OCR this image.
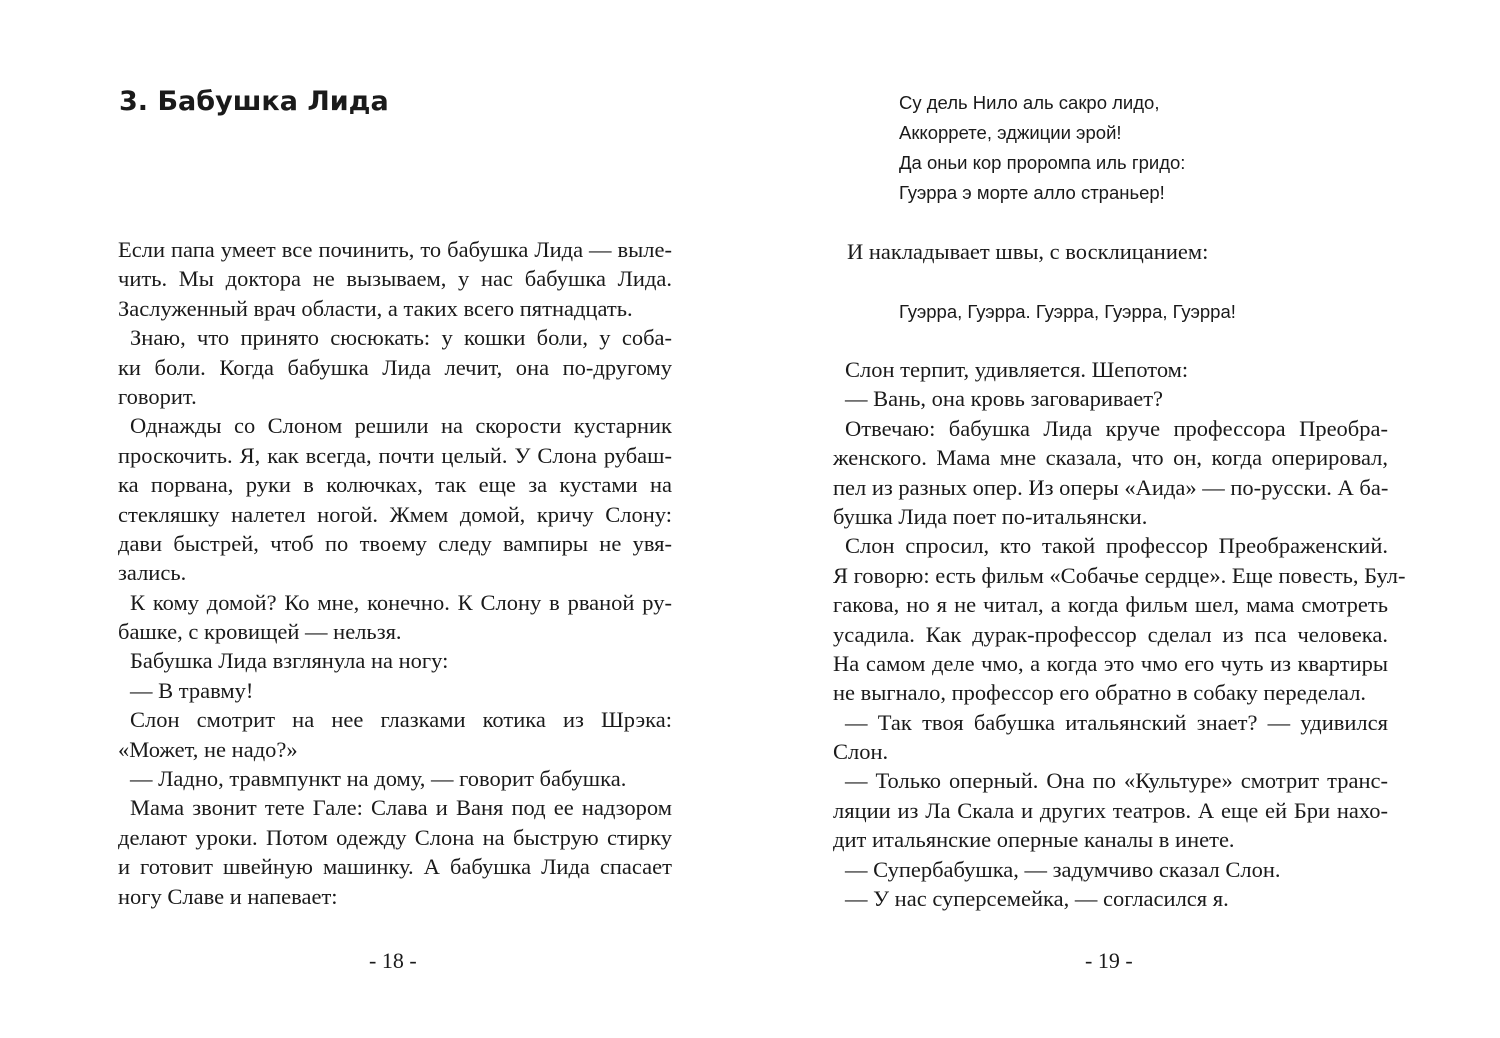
3. Бабушка Лида
Если папа умеет все починить, то бабушка Лида — выле-
чить. Мы доктора не вызываем, у нас бабушка Лида.
Заслуженный врач области, а таких всего пятнадцать.
Знаю, что принято сюсюкать: у кошки боли, у соба-
ки боли. Когда бабушка Лида лечит, она по-другому
говорит.
Однажды со Слоном решили на скорости кустарник
проскочить. Я, как всегда, почти целый. У Слона рубаш-
ка порвана, руки в колючках, так еще за кустами на
стекляшку налетел ногой. Жмем домой, кричу Слону:
дави быстрей, чтоб по твоему следу вампиры не увя-
зались.
К кому домой? Ко мне, конечно. К Слону в рваной ру-
башке, с кровищей — нельзя.
Бабушка Лида взглянула на ногу:
— В травму!
Слон смотрит на нее глазками котика из Шрэка:
«Может, не надо?»
— Ладно, травмпункт на дому, — говорит бабушка.
Мама звонит тете Гале: Слава и Ваня под ее надзором
делают уроки. Потом одежду Слона на быструю стирку
и готовит швейную машинку. А бабушка Лида спасает
ногу Славе и напевает:
- 18 -
Су дель Нило аль сакро лидо,
Аккоррете, эджиции эрой!
Да оньи кор проромпа иль гридо:
Гуэрра э морте алло страньер!
И накладывает швы, с восклицанием:
Гуэрра, Гуэрра. Гуэрра, Гуэрра, Гуэрра!
Слон терпит, удивляется. Шепотом:
— Вань, она кровь заговаривает?
Отвечаю: бабушка Лида круче профессора Преобра-
женского. Мама мне сказала, что он, когда оперировал,
пел из разных опер. Из оперы «Аида» — по-русски. А ба-
бушка Лида поет по-итальянски.
Слон спросил, кто такой профессор Преображенский.
Я говорю: есть фильм «Собачье сердце». Еще повесть, Бул-
гакова, но я не читал, а когда фильм шел, мама смотреть
усадила. Как дурак-профессор сделал из пса человека.
На самом деле чмо, а когда это чмо его чуть из квартиры
не выгнало, профессор его обратно в собаку переделал.
— Так твоя бабушка итальянский знает? — удивился
Слон.
— Только оперный. Она по «Культуре» смотрит транс-
ляции из Ла Скала и других театров. А еще ей Бри нахо-
дит итальянские оперные каналы в инете.
— Супербабушка, — задумчиво сказал Слон.
— У нас суперсемейка, — согласился я.
- 19 -
